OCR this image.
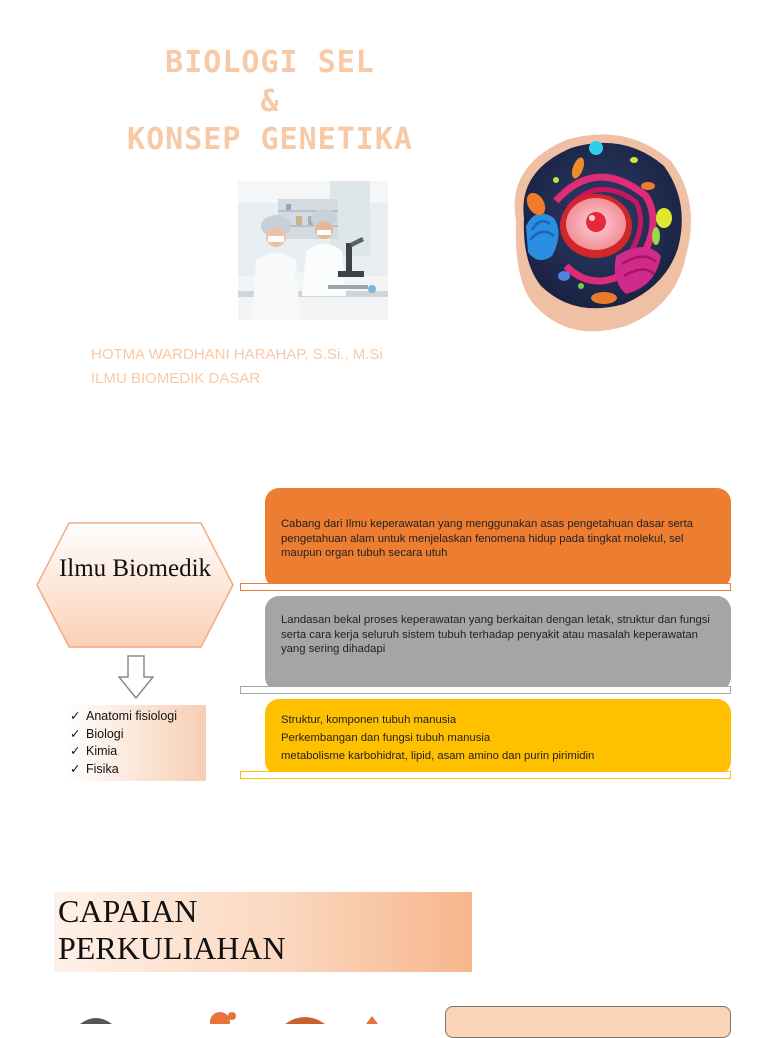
BIOLOGI SEL
&
KONSEP GENETIKA
HOTMA WARDHANI HARAHAP, S.Si., M.Si
ILMU BIOMEDIK DASAR
Ilmu Biomedik
✓ Anatomi fisiologi
✓ Biologi
✓ Kimia
✓ Fisika
Cabang dari Ilmu keperawatan yang menggunakan asas pengetahuan dasar serta pengetahuan alam untuk menjelaskan fenomena hidup pada tingkat molekul, sel maupun organ tubuh secara utuh
Landasan bekal proses keperawatan yang berkaitan dengan letak, struktur dan fungsi serta cara kerja seluruh sistem tubuh terhadap penyakit atau masalah keperawatan yang sering dihadapi
Struktur, komponen tubuh manusia
Perkembangan dan fungsi tubuh manusia
metabolisme karbohidrat, lipid, asam amino dan purin pirimidin
CAPAIAN
PERKULIAHAN
